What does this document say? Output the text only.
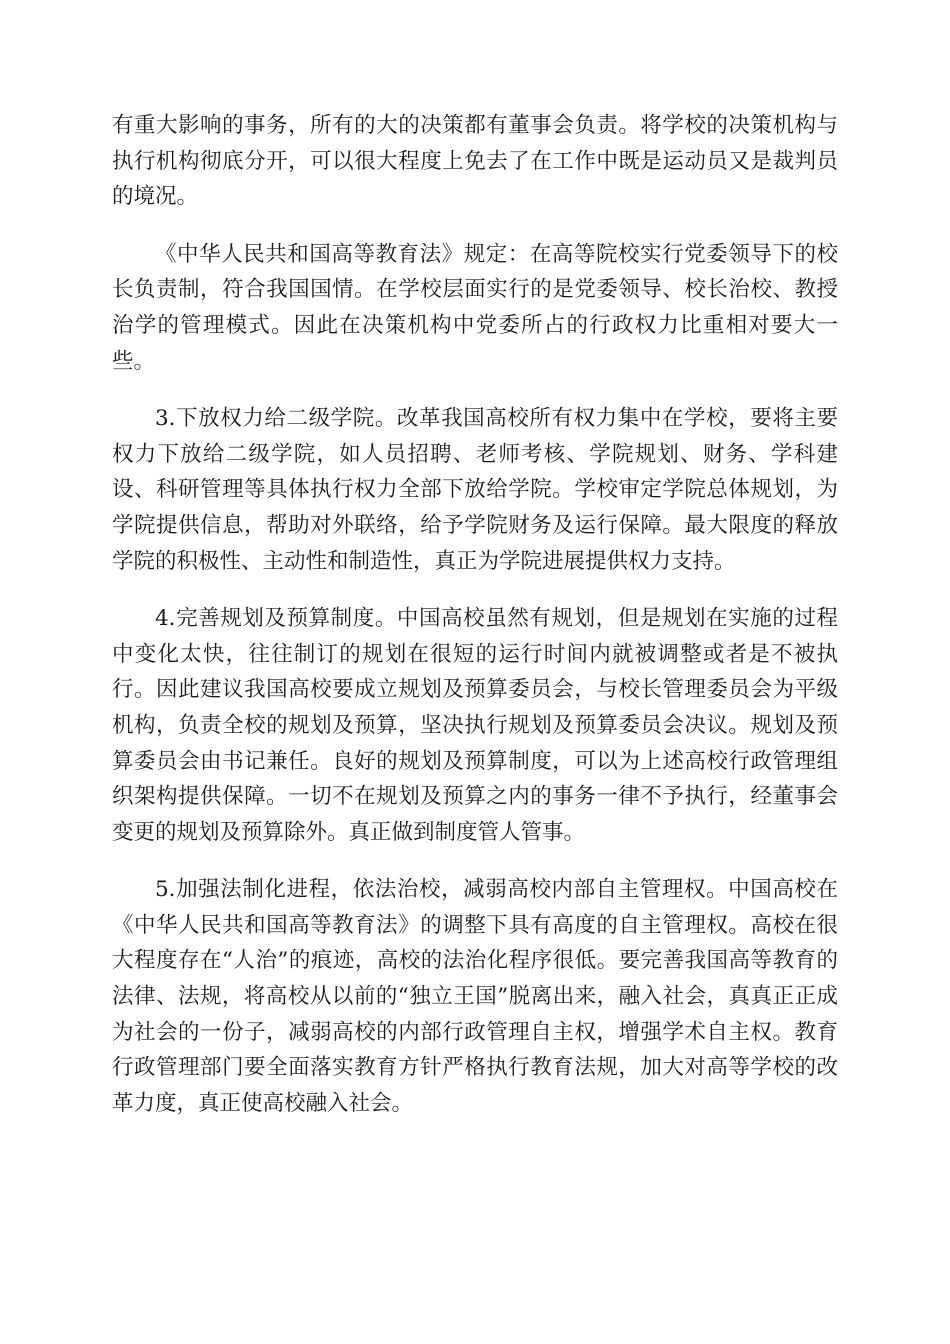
有重大影响的事务，所有的大的决策都有董事会负责。将学校的决策机构与执行机构彻底分开，可以很大程度上免去了在工作中既是运动员又是裁判员的境况。

《中华人民共和国高等教育法》规定：在高等院校实行党委领导下的校长负责制，符合我国国情。在学校层面实行的是党委领导、校长治校、教授治学的管理模式。因此在决策机构中党委所占的行政权力比重相对要大一些。

3.下放权力给二级学院。改革我国高校所有权力集中在学校，要将主要权力下放给二级学院，如人员招聘、老师考核、学院规划、财务、学科建设、科研管理等具体执行权力全部下放给学院。学校审定学院总体规划，为学院提供信息，帮助对外联络，给予学院财务及运行保障。最大限度的释放学院的积极性、主动性和制造性，真正为学院进展提供权力支持。

4.完善规划及预算制度。中国高校虽然有规划，但是规划在实施的过程中变化太快，往往制订的规划在很短的运行时间内就被调整或者是不被执行。因此建议我国高校要成立规划及预算委员会，与校长管理委员会为平级机构，负责全校的规划及预算，坚决执行规划及预算委员会决议。规划及预算委员会由书记兼任。良好的规划及预算制度，可以为上述高校行政管理组织架构提供保障。一切不在规划及预算之内的事务一律不予执行，经董事会变更的规划及预算除外。真正做到制度管人管事。

5.加强法制化进程，依法治校，减弱高校内部自主管理权。中国高校在《中华人民共和国高等教育法》的调整下具有高度的自主管理权。高校在很大程度存在“人治”的痕迹，高校的法治化程序很低。要完善我国高等教育的法律、法规，将高校从以前的“独立王国”脱离出来，融入社会，真真正正成为社会的一份子，减弱高校的内部行政管理自主权，增强学术自主权。教育行政管理部门要全面落实教育方针严格执行教育法规，加大对高等学校的改革力度，真正使高校融入社会。
